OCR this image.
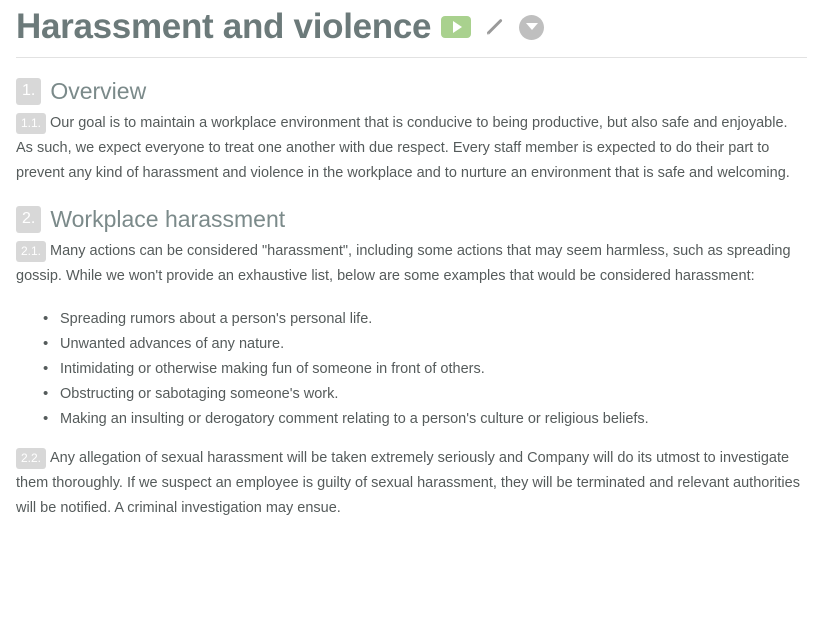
Harassment and violence
1. Overview

1.1. Our goal is to maintain a workplace environment that is conducive to being productive, but also safe and enjoyable. As such, we expect everyone to treat one another with due respect. Every staff member is expected to do their part to prevent any kind of harassment and violence in the workplace and to nurture an environment that is safe and welcoming.

2. Workplace harassment

2.1. Many actions can be considered "harassment", including some actions that may seem harmless, such as spreading gossip. While we won't provide an exhaustive list, below are some examples that would be considered harassment:

• Spreading rumors about a person's personal life.
• Unwanted advances of any nature.
• Intimidating or otherwise making fun of someone in front of others.
• Obstructing or sabotaging someone's work.
• Making an insulting or derogatory comment relating to a person's culture or religious beliefs.

2.2. Any allegation of sexual harassment will be taken extremely seriously and Company will do its utmost to investigate them thoroughly. If we suspect an employee is guilty of sexual harassment, they will be terminated and relevant authorities will be notified. A criminal investigation may ensue.
